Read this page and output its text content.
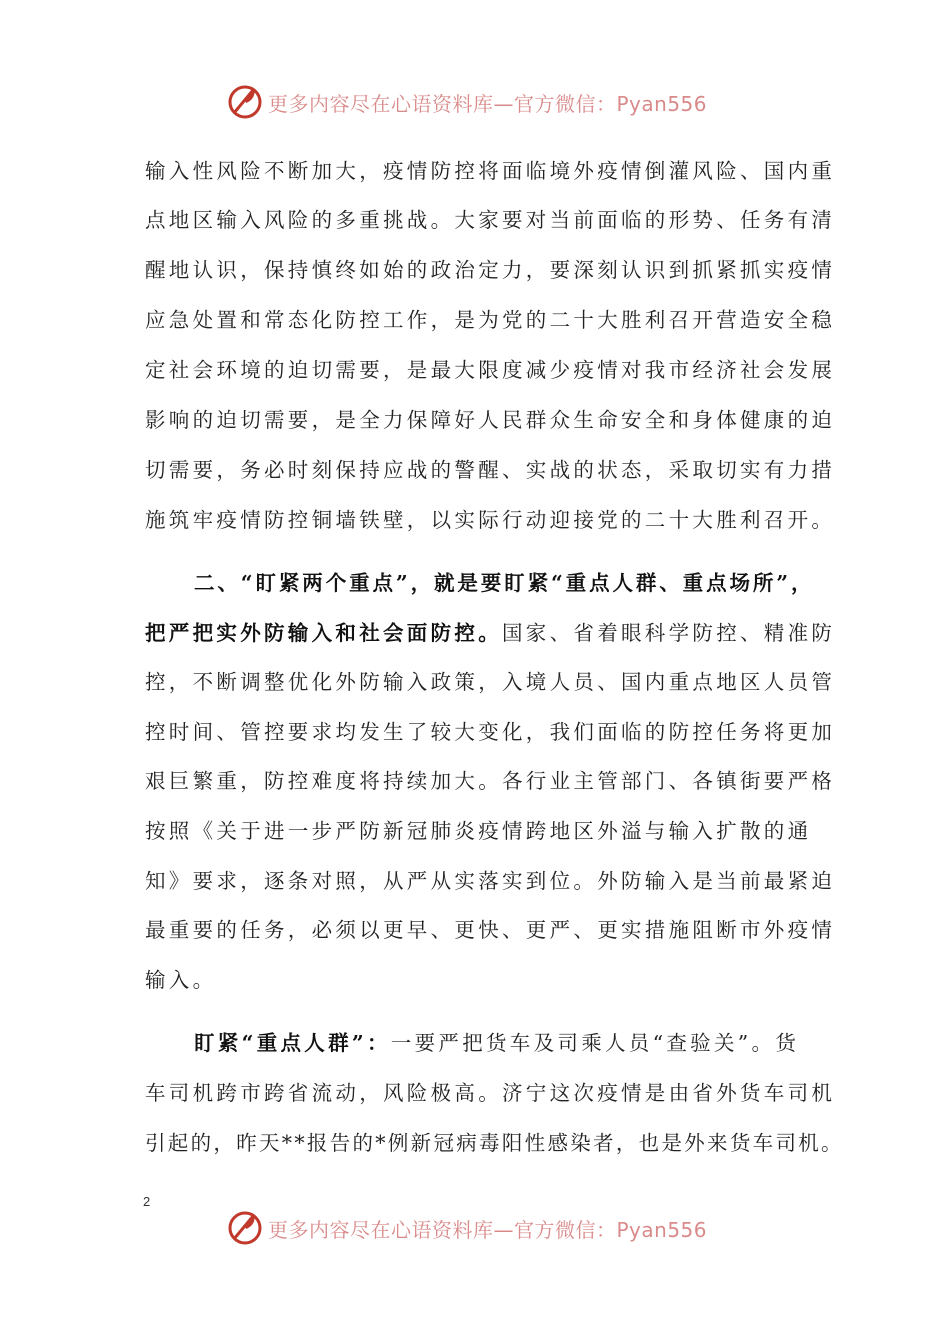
更多内容尽在心语资料库—官方微信：Pyan556
输入性风险不断加大，疫情防控将面临境外疫情倒灌风险、国内重
点地区输入风险的多重挑战。大家要对当前面临的形势、任务有清
醒地认识，保持慎终如始的政治定力，要深刻认识到抓紧抓实疫情
应急处置和常态化防控工作，是为党的二十大胜利召开营造安全稳
定社会环境的迫切需要，是最大限度减少疫情对我市经济社会发展
影响的迫切需要，是全力保障好人民群众生命安全和身体健康的迫
切需要，务必时刻保持应战的警醒、实战的状态，采取切实有力措
施筑牢疫情防控铜墙铁壁，以实际行动迎接党的二十大胜利召开。
二、“盯紧两个重点”，就是要盯紧“重点人群、重点场所”，
把严把实外防输入和社会面防控。国家、省着眼科学防控、精准防
控，不断调整优化外防输入政策，入境人员、国内重点地区人员管
控时间、管控要求均发生了较大变化，我们面临的防控任务将更加
艰巨繁重，防控难度将持续加大。各行业主管部门、各镇街要严格
按照《关于进一步严防新冠肺炎疫情跨地区外溢与输入扩散的通
知》要求，逐条对照，从严从实落实到位。外防输入是当前最紧迫
最重要的任务，必须以更早、更快、更严、更实措施阻断市外疫情
输入。
盯紧“重点人群”：一要严把货车及司乘人员“查验关”。货
车司机跨市跨省流动，风险极高。济宁这次疫情是由省外货车司机
引起的，昨天**报告的*例新冠病毒阳性感染者，也是外来货车司机。
2
更多内容尽在心语资料库—官方微信：Pyan556
